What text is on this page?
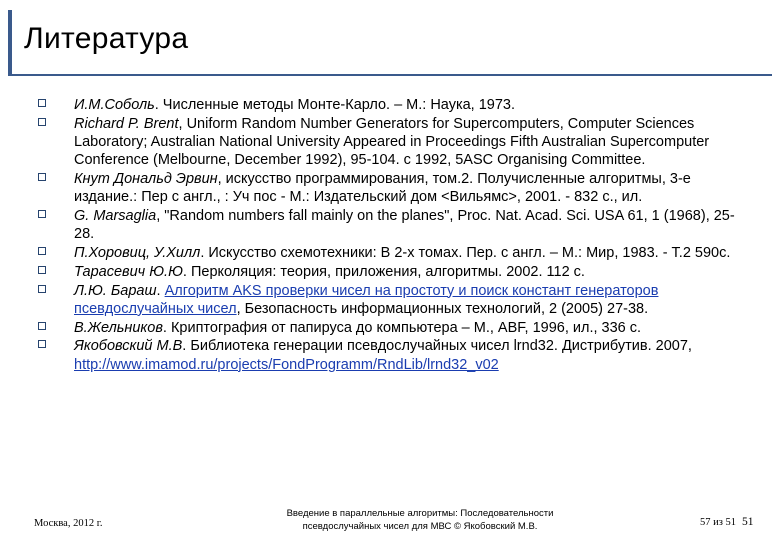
Литература
И.М.Соболь. Численные методы Монте-Карло. – М.: Наука, 1973.
Richard P. Brent, Uniform Random Number Generators for Supercomputers, Computer Sciences Laboratory; Australian National University Appeared in Proceedings Fifth Australian Supercomputer Conference (Melbourne, December 1992), 95-104. с 1992, 5ASC Organising Committee.
Кнут Дональд Эрвин, искусство программирования, том.2. Получисленные алгоритмы, 3-е издание.: Пер с англ., : Уч пос - М.: Издательский дом <Вильямс>, 2001. - 832 с., ил.
G. Marsaglia, "Random numbers fall mainly on the planes", Proc. Nat. Acad. Sci. USA 61, 1 (1968), 25-28.
П.Хоровиц, У.Хилл. Искусство схемотехники: В 2-х томах. Пер. с англ. – М.: Мир, 1983. - Т.2 590с.
Тарасевич Ю.Ю. Перколяция: теория, приложения, алгоритмы. 2002. 112 с.
Л.Ю. Бараш. Алгоритм AKS проверки чисел на простоту и поиск констант генераторов псевдослучайных чисел, Безопасность информационных технологий, 2 (2005) 27-38.
В.Жельников. Криптография от папируса до компьютера – М., ABF, 1996, ил., 336 с.
Якобовский М.В. Библиотека генерации псевдослучайных чисел lrnd32. Дистрибутив. 2007, http://www.imamod.ru/projects/FondProgramm/RndLib/lrnd32_v02
Москва, 2012 г.
Введение в параллельные алгоритмы: Последовательности
псевдослучайных чисел для МВС © Якобовский М.В.	57 из 51 51
